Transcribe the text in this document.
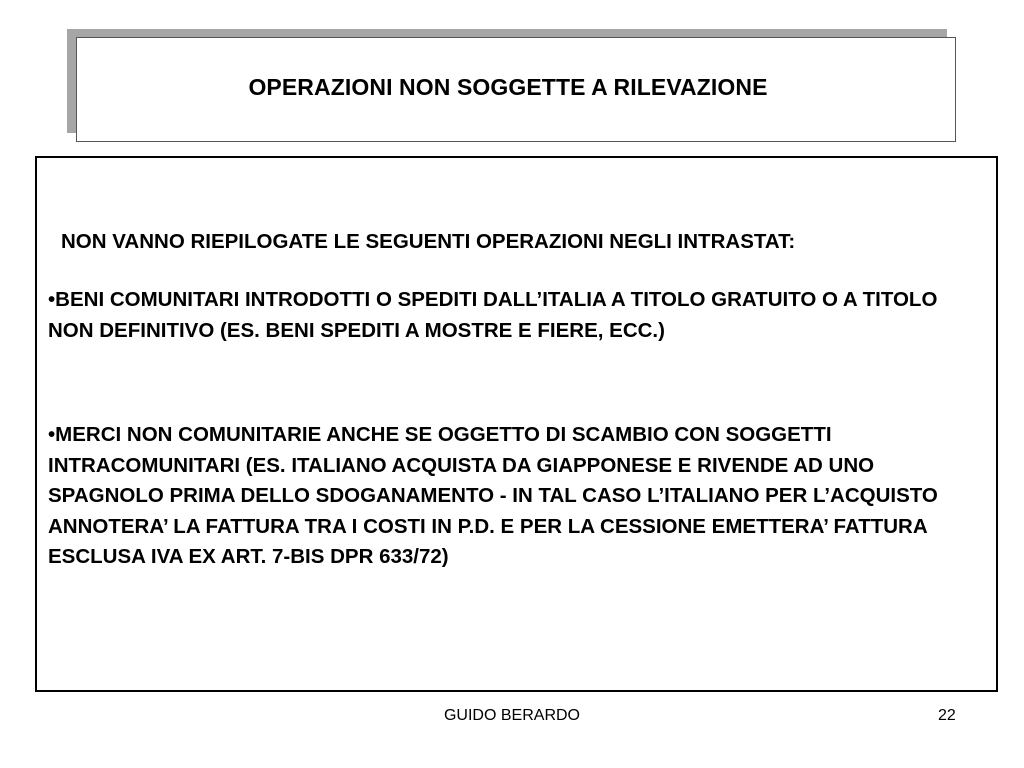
OPERAZIONI NON SOGGETTE A RILEVAZIONE
NON VANNO RIEPILOGATE LE SEGUENTI OPERAZIONI NEGLI INTRASTAT:
•BENI COMUNITARI INTRODOTTI O SPEDITI DALL’ITALIA A TITOLO GRATUITO O A TITOLO NON DEFINITIVO (ES. BENI SPEDITI A MOSTRE E FIERE, ECC.)
•MERCI NON COMUNITARIE ANCHE SE OGGETTO DI SCAMBIO CON SOGGETTI INTRACOMUNITARI (ES. ITALIANO ACQUISTA DA GIAPPONESE E RIVENDE AD UNO SPAGNOLO PRIMA DELLO SDOGANAMENTO - IN TAL CASO L’ITALIANO PER L’ACQUISTO ANNOTERA’ LA FATTURA TRA I COSTI IN P.D. E PER LA CESSIONE EMETTERA’ FATTURA ESCLUSA IVA EX ART. 7-BIS DPR 633/72)
GUIDO BERARDO	22
